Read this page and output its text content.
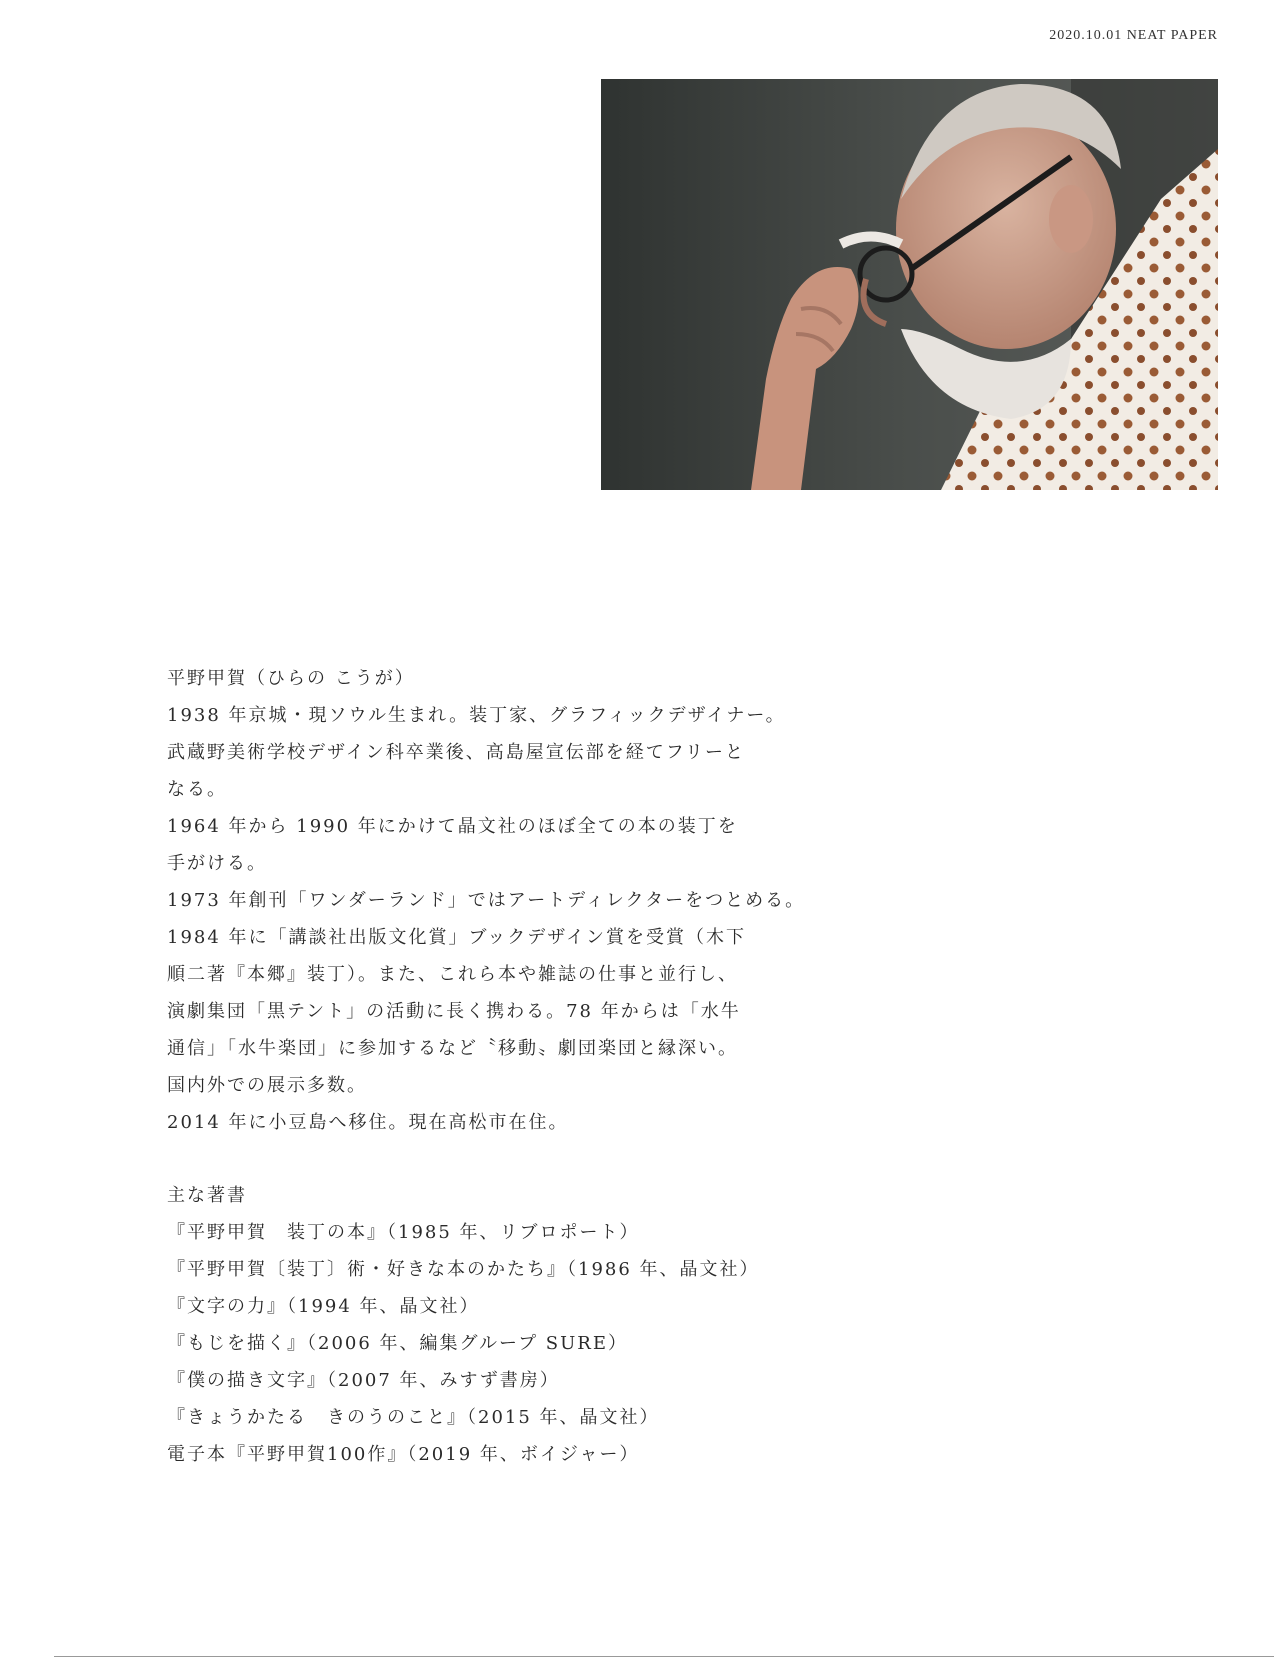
2020.10.01 NEAT PAPER

平野甲賀（ひらの こうが）

1938 年京城・現ソウル生まれ。装丁家、グラフィックデザイナー。

武蔵野美術学校デザイン科卒業後、高島屋宣伝部を経てフリーと

なる。

1964 年から 1990 年にかけて晶文社のほぼ全ての本の装丁を

手がける。

1973 年創刊「ワンダーランド」ではアートディレクターをつとめる。

1984 年に「講談社出版文化賞」ブックデザイン賞を受賞（木下

順二著『本郷』装丁）。また、これら本や雑誌の仕事と並行し、

演劇集団「黒テント」の活動に長く携わる。78 年からは「水牛

通信」「水牛楽団」に参加するなど〝移動〟劇団楽団と縁深い。

国内外での展示多数。

2014 年に小豆島へ移住。現在高松市在住。

主な著書

『平野甲賀　装丁の本』（1985 年、リブロポート）
『平野甲賀〔装丁〕術・好きな本のかたち』（1986 年、晶文社）
『文字の力』（1994 年、晶文社）
『もじを描く』（2006 年、編集グループ SURE）
『僕の描き文字』（2007 年、みすず書房）
『きょうかたる　きのうのこと』（2015 年、晶文社）
電子本『平野甲賀100作』（2019 年、ボイジャー）
